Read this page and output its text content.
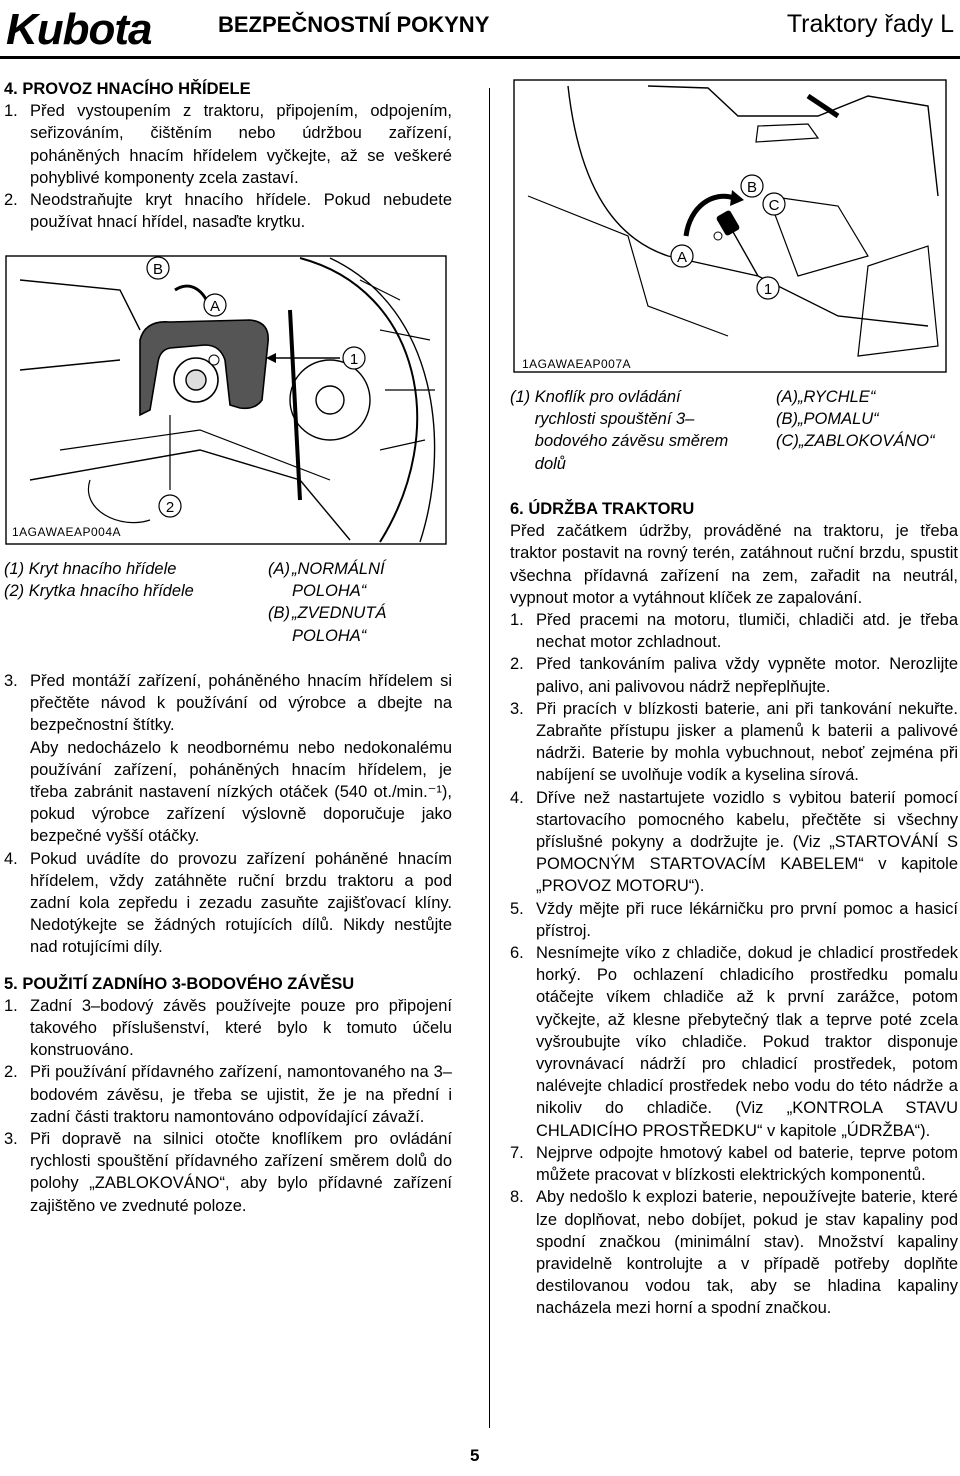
Kubota	BEZPEČNOSTNÍ POKYNY	Traktory řady L

4. PROVOZ HNACÍHO HŘÍDELE

1. Před vystoupením z traktoru, připojením, odpojením, seřizováním, čištěním nebo údržbou zařízení, poháněných hnacím hřídelem vyčkejte, až se veškeré pohyblivé komponenty zcela zastaví.
2. Neodstraňujte kryt hnacího hřídele. Pokud nebudete používat hnací hřídel, nasaďte krytku.
B
A
1
2
1AGAWAEAP004A
(1)
Kryt hnacího hřídele
(2)
Krytka hnacího hřídele
(A) „NORMÁLNÍ POLOHA“
(B) „ZVEDNUTÁ POLOHA“
3. Před montáží zařízení, poháněného hnacím hřídelem si přečtěte návod k používání od výrobce a dbejte na bezpečnostní štítky.

Aby nedocházelo k neodbornému nebo nedokonalému používání zařízení, poháněných hnacím hřídelem, je třeba zabránit nastavení nízkých otáček (540 ot./min.⁻¹), pokud výrobce zařízení výslovně doporučuje jako bezpečné vyšší otáčky.

4. Pokud uvádíte do provozu zařízení poháněné hnacím hřídelem, vždy zatáhněte ruční brzdu traktoru a pod zadní kola zepředu i zezadu zasuňte zajišťovací klíny. Nedotýkejte se žádných rotujících dílů. Nikdy nestůjte nad rotujícími díly.

5. POUŽITÍ ZADNÍHO 3-BODOVÉHO ZÁVĚSU

1. Zadní 3–bodový závěs používejte pouze pro připojení takového příslušenství, které bylo k tomuto účelu konstruováno.
2. Při používání přídavného zařízení, namontovaného na 3–bodovém závěsu, je třeba se ujistit, že je na přední i zadní části traktoru namontováno odpovídající závaží.
3. Při dopravě na silnici otočte knoflíkem pro ovládání rychlosti spouštění přídavného zařízení směrem dolů do polohy „ZABLOKOVÁNO“, aby bylo přídavné zařízení zajištěno ve zvednuté poloze.
B
C
A
1
1AGAWAEAP007A
(1)
Knoflík pro ovládání rychlosti spouštění 3–bodového závěsu směrem dolů
(A) „RYCHLE“
(B) „POMALU“
(C) „ZABLOKOVÁNO“

6. ÚDRŽBA TRAKTORU

Před začátkem údržby, prováděné na traktoru, je třeba traktor postavit na rovný terén, zatáhnout ruční brzdu, spustit všechna přídavná zařízení na zem, zařadit na neutrál, vypnout motor a vytáhnout klíček ze zapalování.

1. Před pracemi na motoru, tlumiči, chladiči atd. je třeba nechat motor zchladnout.
2. Před tankováním paliva vždy vypněte motor. Nerozlijte palivo, ani palivovou nádrž nepřeplňujte.
3. Při pracích v blízkosti baterie, ani při tankování nekuřte. Zabraňte přístupu jisker a plamenů k baterii a palivové nádrži. Baterie by mohla vybuchnout, neboť zejména při nabíjení se uvolňuje vodík a kyselina sírová.
4. Dříve než nastartujete vozidlo s vybitou baterií pomocí startovacího pomocného kabelu, přečtěte si všechny příslušné pokyny a dodržujte je. (Viz „STARTOVÁNÍ S POMOCNÝM STARTOVACÍM KABELEM“ v kapitole „PROVOZ MOTORU“).
5. Vždy mějte při ruce lékárničku pro první pomoc a hasicí přístroj.
6. Nesnímejte víko z chladiče, dokud je chladicí prostředek horký. Po ochlazení chladicího prostředku pomalu otáčejte víkem chladiče až k první zarážce, potom vyčkejte, až klesne přebytečný tlak a teprve poté zcela vyšroubujte víko chladiče. Pokud traktor disponuje vyrovnávací nádrží pro chladicí prostředek, potom nalévejte chladicí prostředek nebo vodu do této nádrže a nikoliv do chladiče. (Viz „KONTROLA STAVU CHLADICÍHO PROSTŘEDKU“ v kapitole „ÚDRŽBA“).
7. Nejprve odpojte hmotový kabel od baterie, teprve potom můžete pracovat v blízkosti elektrických komponentů.
8. Aby nedošlo k explozi baterie, nepoužívejte baterie, které lze doplňovat, nebo dobíjet, pokud je stav kapaliny pod spodní značkou (minimální stav). Množství kapaliny pravidelně kontrolujte a v případě potřeby doplňte destilovanou vodou tak, aby se hladina kapaliny nacházela mezi horní a spodní značkou.
5
